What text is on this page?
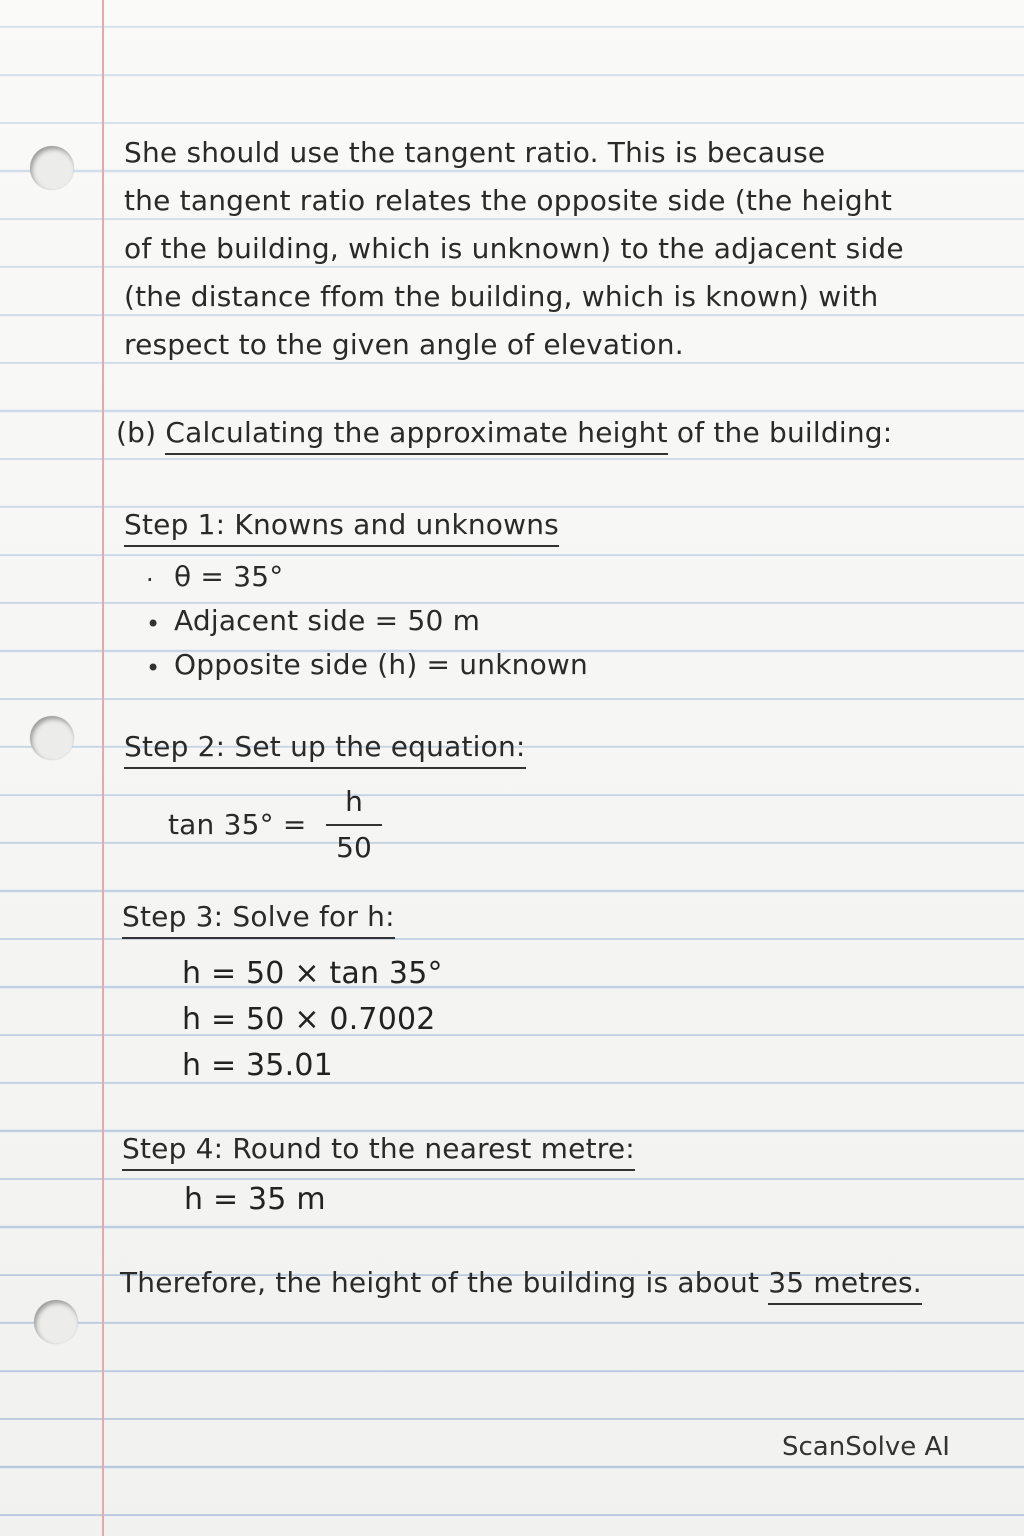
She should use the tangent ratio. This is because
the tangent ratio relates the opposite side (the height
of the building, which is unknown) to the adjacent side
(the distance ffom the building, which is known) with
respect to the given angle of elevation.
(b) Calculating the approximate height of the building:
Step 1: Knowns and unknowns
· θ = 35°
• Adjacent side = 50 m
• Opposite side (h) = unknown
Step 2: Set up the equation:
tan 35° =
h
50
Step 3: Solve for h:
h = 50 × tan 35°
h = 50 × 0.7002
h = 35.01
Step 4: Round to the nearest metre:
h = 35 m
Therefore, the height of the building is about 35 metres.
ScanSolve AI
